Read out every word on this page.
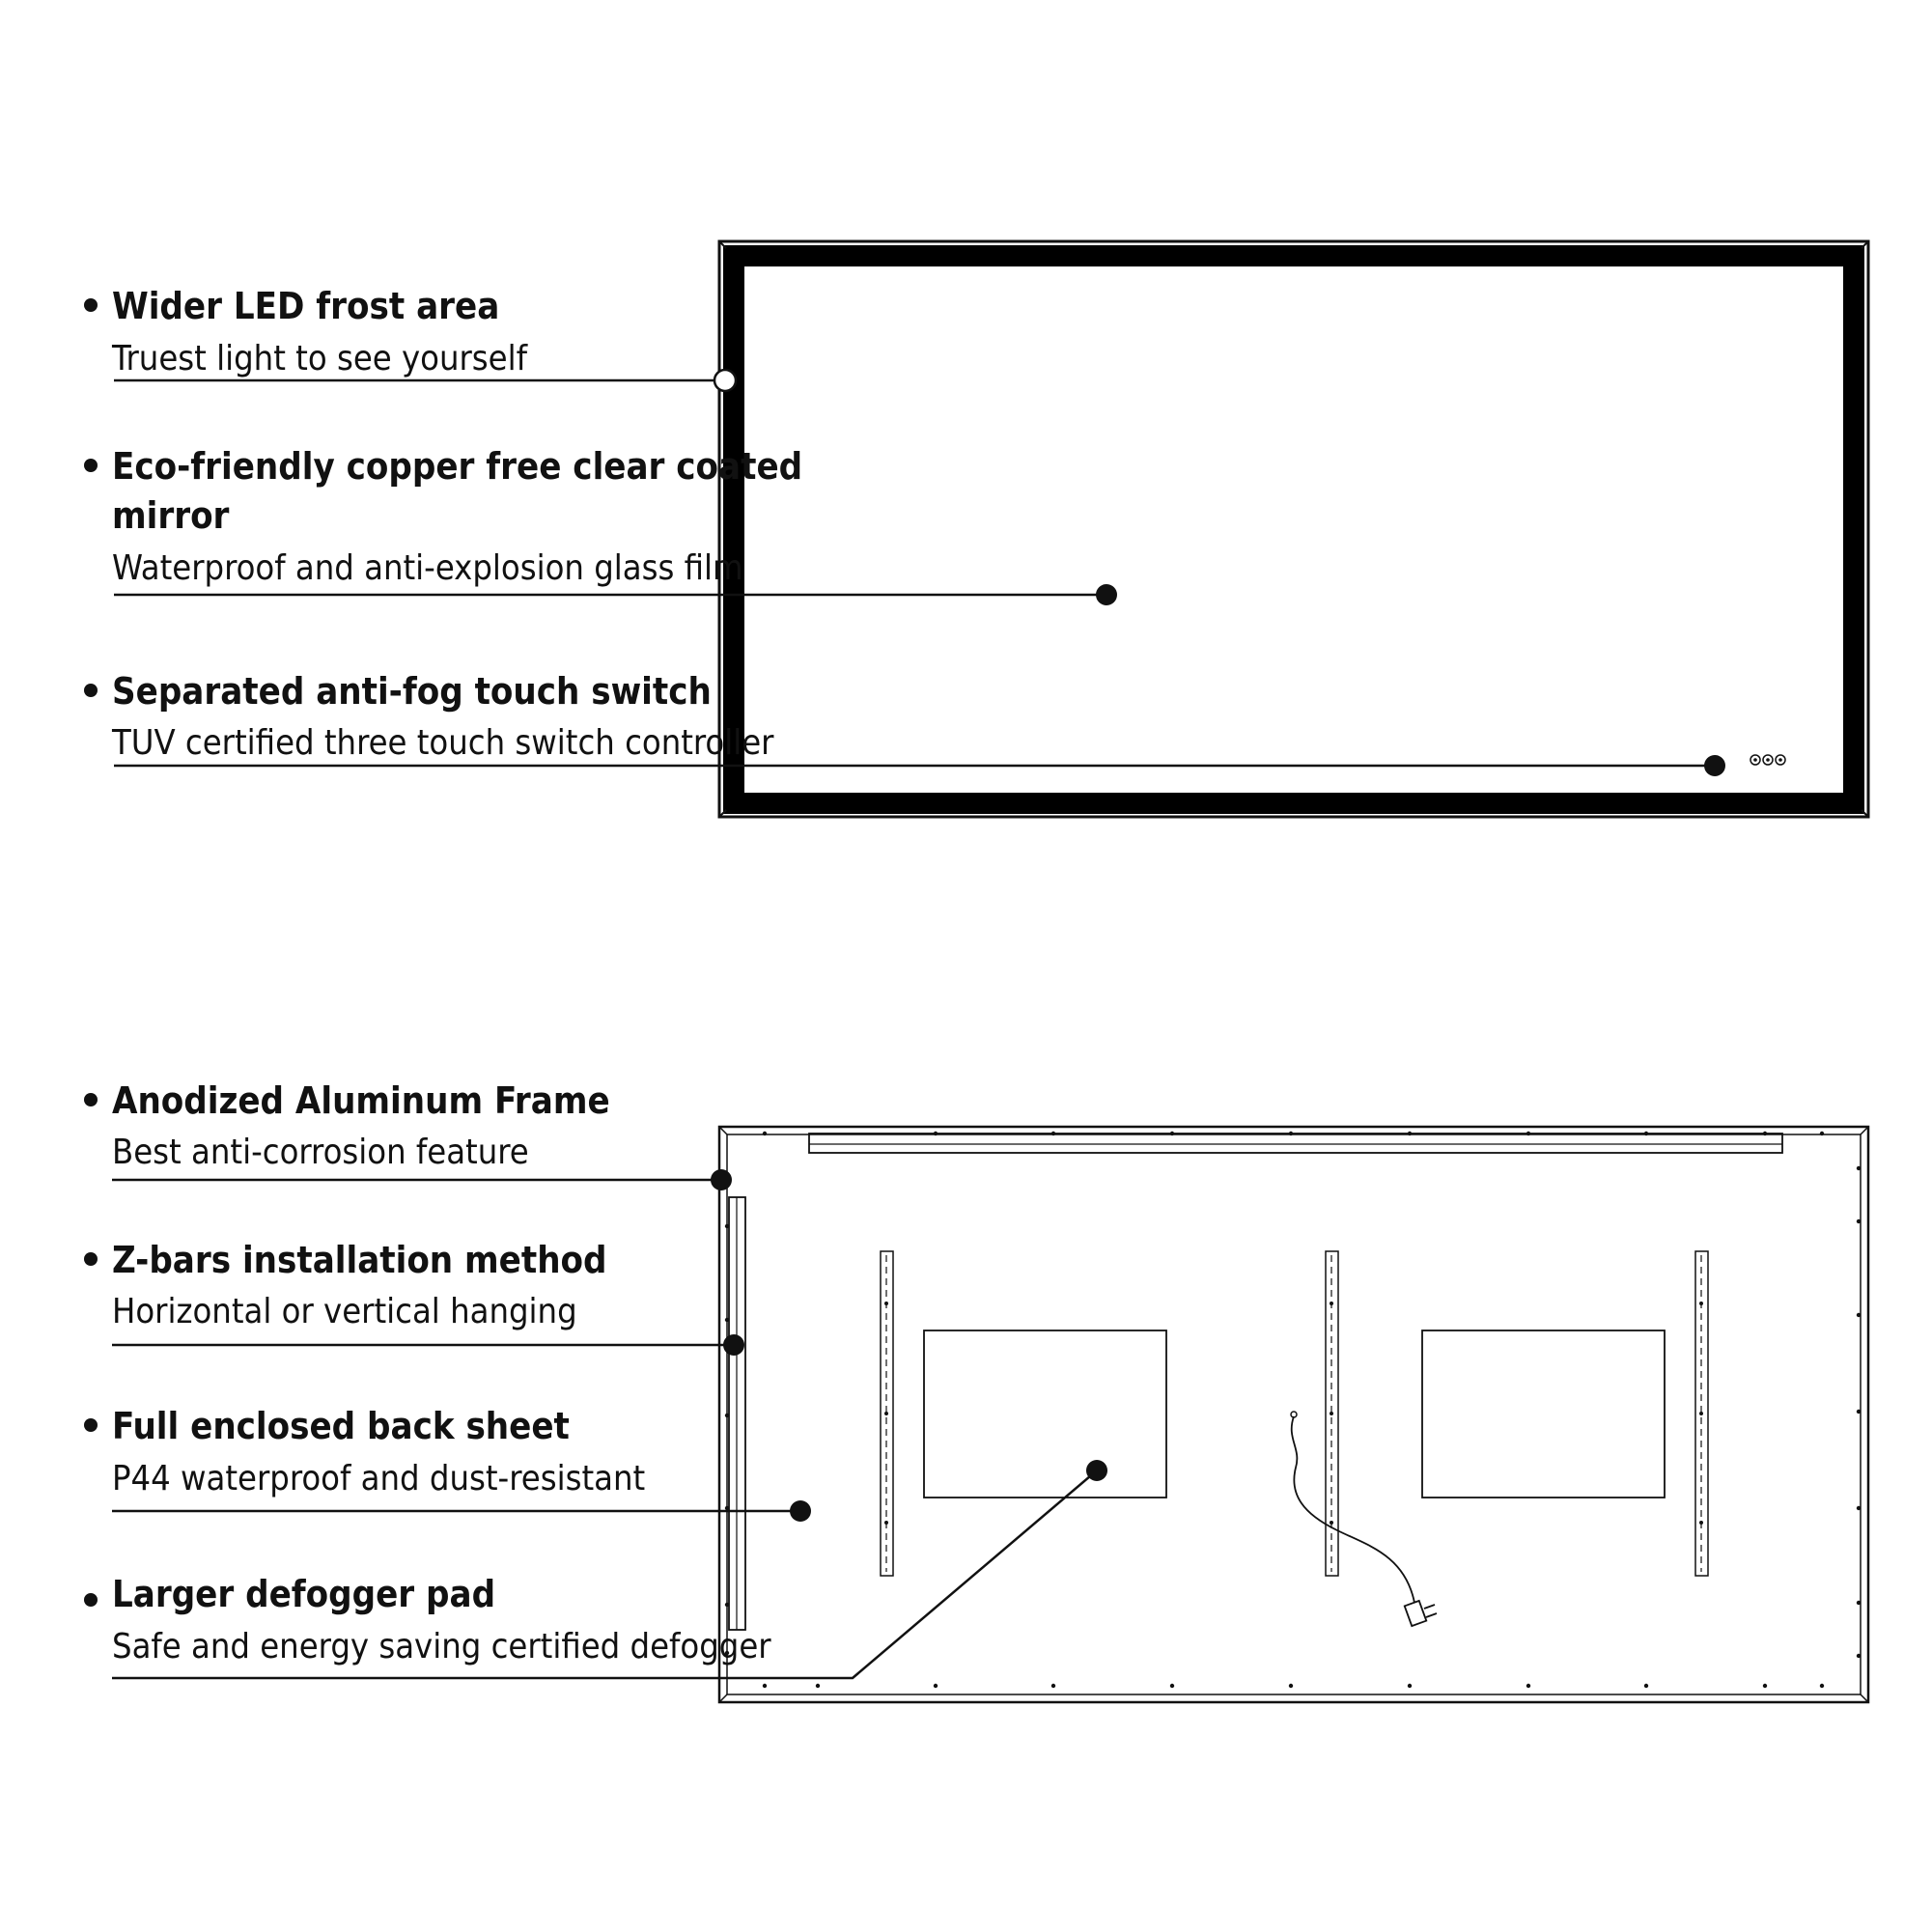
Wider LED frost area
Truest light to see yourself
Eco-friendly copper free clear coated
mirror
Waterproof and anti-explosion glass film
Separated anti-fog touch switch
TUV certified three touch switch controller
Anodized Aluminum Frame
Best anti-corrosion feature
Z-bars installation method
Horizontal or vertical hanging
Full enclosed back sheet
P44 waterproof and dust-resistant
Larger defogger pad
Safe and energy saving certified defogger
